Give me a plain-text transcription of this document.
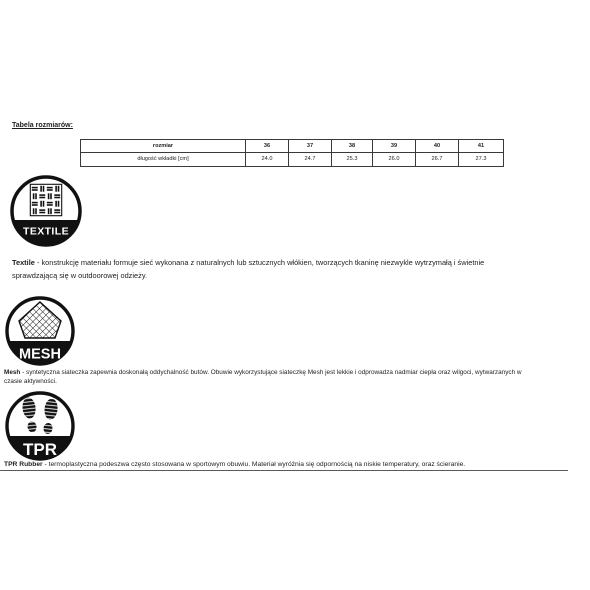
Tabela rozmiarów:
rozmiar	36	37	38	39	40	41
długość wkładki [cm]	24.0	24.7	25.3	26.0	26.7	27.3
TEXTILE
Textile - konstrukcję materiału formuje sieć wykonana z naturalnych lub sztucznych włókien, tworzących tkaninę niezwykle wytrzymałą i świetnie
sprawdzającą się w outdoorowej odzieży.
MESH
Mesh - syntetyczna siateczka zapewnia doskonałą oddychalność butów. Obuwie wykorzystujące siateczkę Mesh jest lekkie i odprowadza nadmiar ciepła oraz wilgoci, wytwarzanych w
czasie aktywności.
TPR
TPR Rubber - termoplastyczna podeszwa często stosowana w sportowym obuwiu. Materiał wyróżnia się odpornością na niskie temperatury, oraz ścieranie.
